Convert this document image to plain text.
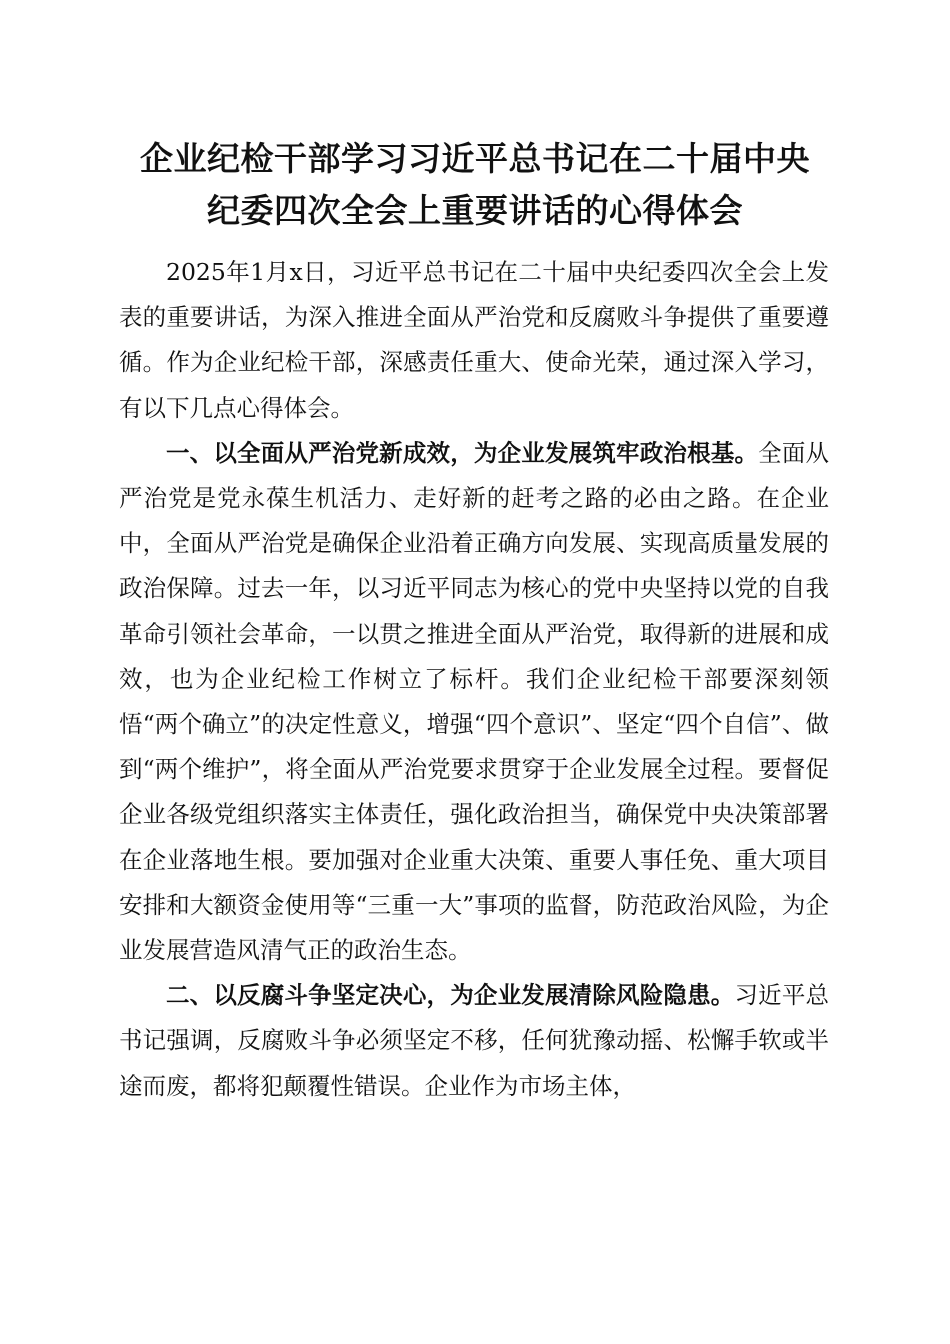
企业纪检干部学习习近平总书记在二十届中央
纪委四次全会上重要讲话的心得体会

2025年1月x日，习近平总书记在二十届中央纪委四次全会上发表的重要讲话，为深入推进全面从严治党和反腐败斗争提供了重要遵循。作为企业纪检干部，深感责任重大、使命光荣，通过深入学习，有以下几点心得体会。

一、以全面从严治党新成效，为企业发展筑牢政治根基。全面从严治党是党永葆生机活力、走好新的赶考之路的必由之路。在企业中，全面从严治党是确保企业沿着正确方向发展、实现高质量发展的政治保障。过去一年，以习近平同志为核心的党中央坚持以党的自我革命引领社会革命，一以贯之推进全面从严治党，取得新的进展和成效，也为企业纪检工作树立了标杆。我们企业纪检干部要深刻领悟“两个确立”的决定性意义，增强“四个意识”、坚定“四个自信”、做到“两个维护”，将全面从严治党要求贯穿于企业发展全过程。要督促企业各级党组织落实主体责任，强化政治担当，确保党中央决策部署在企业落地生根。要加强对企业重大决策、重要人事任免、重大项目安排和大额资金使用等“三重一大”事项的监督，防范政治风险，为企业发展营造风清气正的政治生态。

二、以反腐斗争坚定决心，为企业发展清除风险隐患。习近平总书记强调，反腐败斗争必须坚定不移，任何犹豫动摇、松懈手软或半途而废，都将犯颠覆性错误。企业作为市场主体，
